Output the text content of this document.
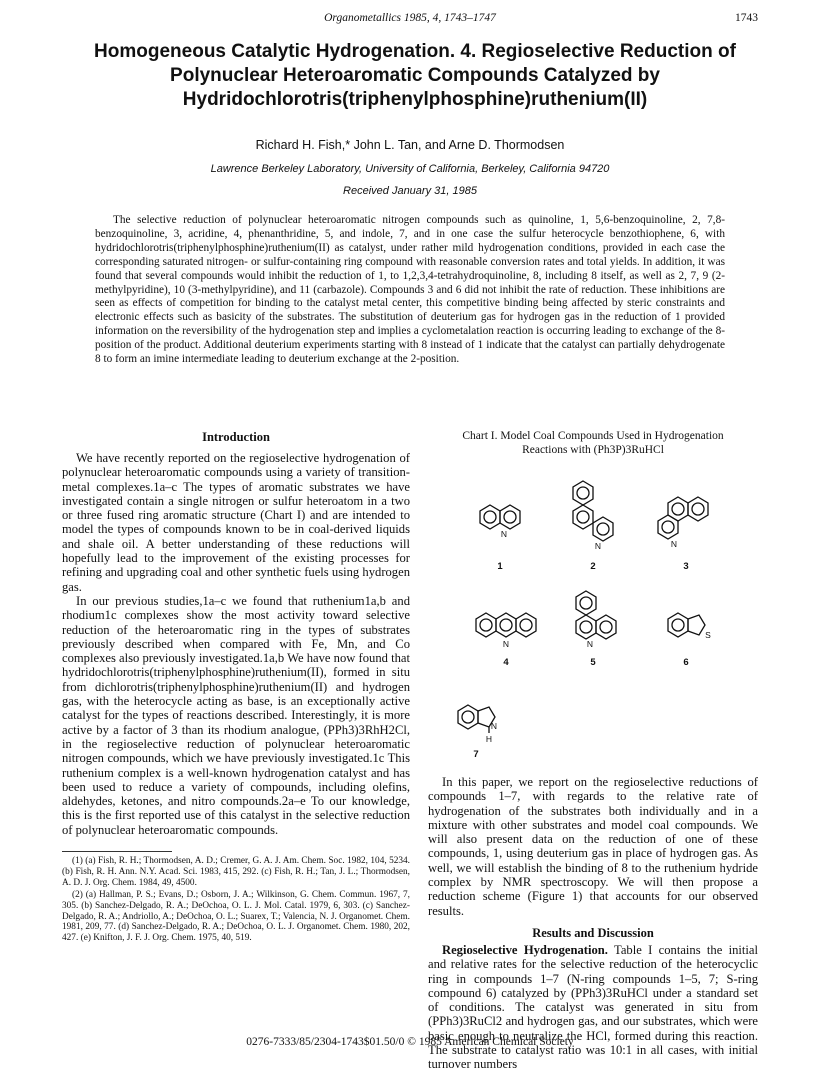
Organometallics 1985, 4, 1743–1747	1743
Homogeneous Catalytic Hydrogenation. 4. Regioselective Reduction of Polynuclear Heteroaromatic Compounds Catalyzed by Hydridochlorotris(triphenylphosphine)ruthenium(II)
Richard H. Fish,* John L. Tan, and Arne D. Thormodsen
Lawrence Berkeley Laboratory, University of California, Berkeley, California 94720
Received January 31, 1985

The selective reduction of polynuclear heteroaromatic nitrogen compounds such as quinoline, 1, 5,6-benzoquinoline, 2, 7,8-benzoquinoline, 3, acridine, 4, phenanthridine, 5, and indole, 7, and in one case the sulfur heterocycle benzothiophene, 6, with hydridochlorotris(triphenylphosphine)ruthenium(II) as catalyst, under rather mild hydrogenation conditions, provided in each case the corresponding saturated nitrogen- or sulfur-containing ring compound with reasonable conversion rates and total yields. In addition, it was found that several compounds would inhibit the reduction of 1, to 1,2,3,4-tetrahydroquinoline, 8, including 8 itself, as well as 2, 7, 9 (2-methylpyridine), 10 (3-methylpyridine), and 11 (carbazole). Compounds 3 and 6 did not inhibit the rate of reduction. These inhibitions are seen as effects of competition for binding to the catalyst metal center, this competitive binding being affected by steric constraints and electronic effects such as basicity of the substrates. The substitution of deuterium gas for hydrogen gas in the reduction of 1 provided information on the reversibility of the hydrogenation step and implies a cyclometalation reaction is occurring leading to exchange of the 8-position of the product. Additional deuterium experiments starting with 8 instead of 1 indicate that the catalyst can partially dehydrogenate 8 to form an imine intermediate leading to deuterium exchange at the 2-position.

Introduction

We have recently reported on the regioselective hydrogenation of polynuclear heteroaromatic compounds using a variety of transition-metal complexes.1a–c The types of aromatic substrates we have investigated contain a single nitrogen or sulfur heteroatom in a two or three fused ring aromatic structure (Chart I) and are intended to model the types of compounds known to be in coal-derived liquids and shale oil. A better understanding of these reductions will hopefully lead to the improvement of the existing processes for refining and upgrading coal and other synthetic fuels using hydrogen gas.

In our previous studies,1a–c we found that ruthenium1a,b and rhodium1c complexes show the most activity toward selective reduction of the heteroaromatic ring in the types of substrates previously described when compared with Fe, Mn, and Co complexes also previously investigated.1a,b We have now found that hydridochlorotris(triphenylphosphine)ruthenium(II), formed in situ from dichlorotris(triphenylphosphine)ruthenium(II) and hydrogen gas, with the heterocycle acting as base, is an exceptionally active catalyst for the types of reactions described. Interestingly, it is more active by a factor of 3 than its rhodium analogue, (PPh3)3RhH2Cl, in the regioselective reduction of polynuclear heteroaromatic nitrogen compounds, which we have previously investigated.1c This ruthenium complex is a well-known hydrogenation catalyst and has been used to reduce a variety of compounds, including olefins, aldehydes, ketones, and nitro compounds.2a–e To our knowledge, this is the first reported use of this catalyst in the selective reduction of polynuclear heteroaromatic compounds.

(1) (a) Fish, R. H.; Thormodsen, A. D.; Cremer, G. A. J. Am. Chem. Soc. 1982, 104, 5234. (b) Fish, R. H. Ann. N.Y. Acad. Sci. 1983, 415, 292. (c) Fish, R. H.; Tan, J. L.; Thormodsen, A. D. J. Org. Chem. 1984, 49, 4500.

(2) (a) Hallman, P. S.; Evans, D.; Osborn, J. A.; Wilkinson, G. Chem. Commun. 1967, 7, 305. (b) Sanchez-Delgado, R. A.; DeOchoa, O. L. J. Mol. Catal. 1979, 6, 303. (c) Sanchez-Delgado, R. A.; Andriollo, A.; DeOchoa, O. L.; Suarex, T.; Valencia, N. J. Organomet. Chem. 1981, 209, 77. (d) Sanchez-Delgado, R. A.; DeOchoa, O. L. J. Organomet. Chem. 1980, 202, 427. (e) Knifton, J. F. J. Org. Chem. 1975, 40, 519.

Chart I. Model Coal Compounds Used in Hydrogenation
Reactions with (Ph3P)3RuHCl
N
N	N
N	N
S
N
H
1	2	3
4	5	6
7

In this paper, we report on the regioselective reductions of compounds 1–7, with regards to the relative rate of hydrogenation of the substrates both individually and in a mixture with other substrates and model coal compounds. We will also present data on the reduction of one of these compounds, 1, using deuterium gas in place of hydrogen gas. As well, we will establish the binding of 8 to the ruthenium hydride complex by NMR spectroscopy. We will then propose a reduction scheme (Figure 1) that accounts for our observed results.

Results and Discussion

Regioselective Hydrogenation. Table I contains the initial and relative rates for the selective reduction of the heterocyclic ring in compounds 1–7 (N-ring compounds 1–5, 7; S-ring compound 6) catalyzed by (PPh3)3RuHCl under a standard set of conditions. The catalyst was generated in situ from (PPh3)3RuCl2 and hydrogen gas, and our substrates, which were basic enough to neutralize the HCl, formed during this reaction. The substrate to catalyst ratio was 10:1 in all cases, with initial turnover numbers

0276-7333/85/2304-1743$01.50/0 © 1985 American Chemical Society
